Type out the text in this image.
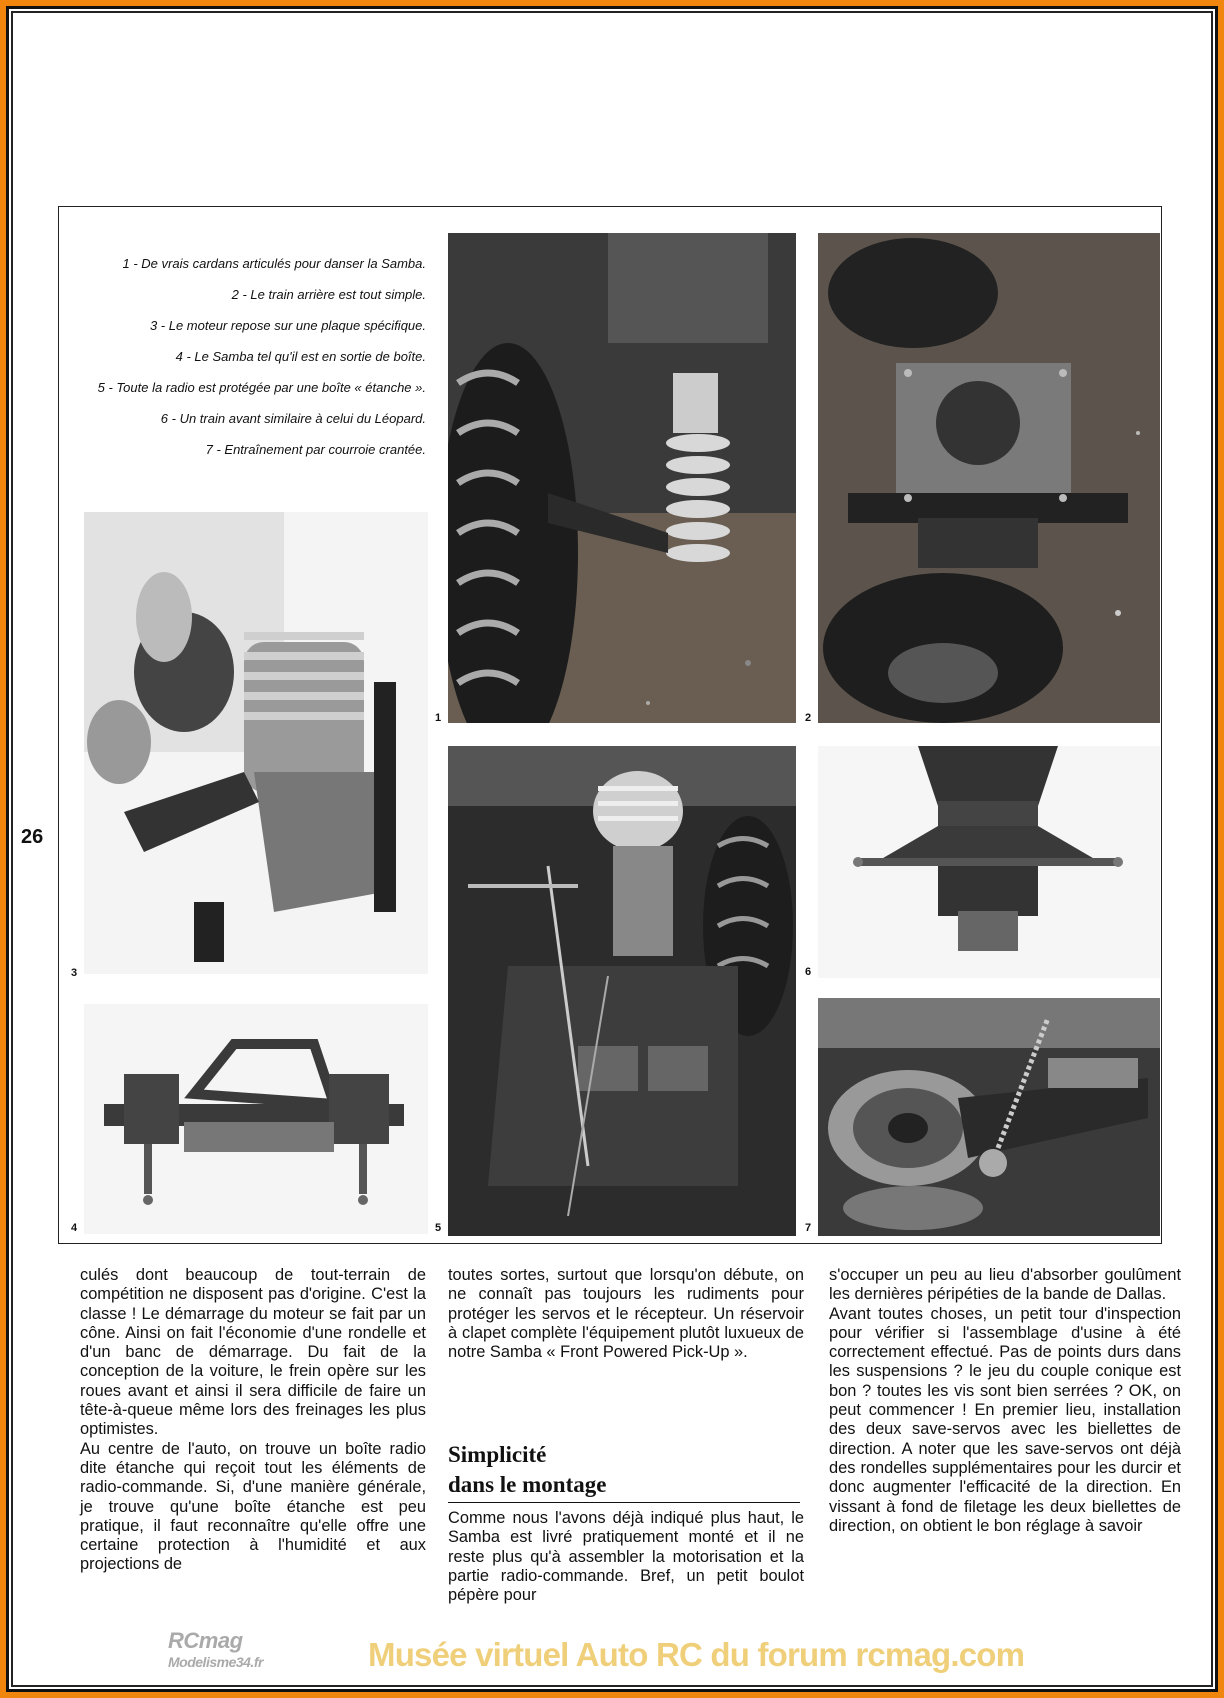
1 - De vrais cardans articulés pour danser la Samba.

2 - Le train arrière est tout simple.

3 - Le moteur repose sur une plaque spécifique.

4 - Le Samba tel qu'il est en sortie de boîte.

5 - Toute la radio est protégée par une boîte « étanche ».

6 - Un train avant similaire à celui du Léopard.

7 - Entraînement par courroie crantée.

1	2
3
4	5
6
7
26

culés dont beaucoup de tout-terrain de compétition ne disposent pas d'origine. C'est la classe ! Le démarrage du moteur se fait par un cône. Ainsi on fait l'économie d'une rondelle et d'un banc de démarrage. Du fait de la conception de la voiture, le frein opère sur les roues avant et ainsi il sera difficile de faire un tête-à-queue même lors des freinages les plus optimistes.

Au centre de l'auto, on trouve un boîte radio dite étanche qui reçoit tout les éléments de radio-commande. Si, d'une manière générale, je trouve qu'une boîte étanche est peu pratique, il faut reconnaître qu'elle offre une certaine protection à l'humidité et aux projections de

toutes sortes, surtout que lorsqu'on débute, on ne connaît pas toujours les rudiments pour protéger les servos et le récepteur. Un réservoir à clapet complète l'équipement plutôt luxueux de notre Samba « Front Powered Pick-Up ».

Simplicité
dans le montage

Comme nous l'avons déjà indiqué plus haut, le Samba est livré pratiquement monté et il ne reste plus qu'à assembler la motorisation et la partie radio-commande. Bref, un petit boulot pépère pour

s'occuper un peu au lieu d'absorber goulûment les dernières péripéties de la bande de Dallas.

Avant toutes choses, un petit tour d'inspection pour vérifier si l'assemblage d'usine à été correctement effectué. Pas de points durs dans les suspensions ? le jeu du couple conique est bon ? toutes les vis sont bien serrées ? OK, on peut commencer ! En premier lieu, installation des deux save-servos avec les biellettes de direction. A noter que les save-servos ont déjà des rondelles supplémentaires pour les durcir et donc augmenter l'efficacité de la direction. En vissant à fond de filetage les deux biellettes de direction, on obtient le bon réglage à savoir

RCmag
Modelisme34.fr	Musée virtuel Auto RC du forum rcmag.com
